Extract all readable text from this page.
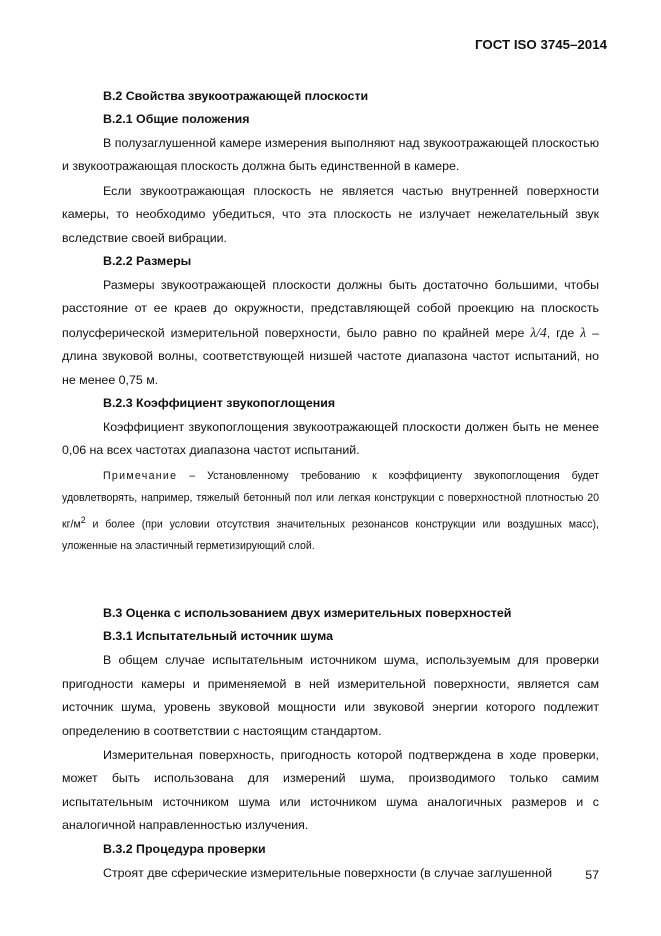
ГОСТ ISO 3745–2014
B.2 Свойства звукоотражающей плоскости
B.2.1 Общие положения

В полузаглушенной камере измерения выполняют над звукоотражающей плоскостью и звукоотражающая плоскость должна быть единственной в камере.

Если звукоотражающая плоскость не является частью внутренней поверхности камеры, то необходимо убедиться, что эта плоскость не излучает нежелательный звук вследствие своей вибрации.

B.2.2 Размеры

Размеры звукоотражающей плоскости должны быть достаточно большими, чтобы расстояние от ее краев до окружности, представляющей собой проекцию на плоскость полусферической измерительной поверхности, было равно по крайней мере λ/4, где λ – длина звуковой волны, соответствующей низшей частоте диапазона частот испытаний, но не менее 0,75 м.

B.2.3 Коэффициент звукопоглощения

Коэффициент звукопоглощения звукоотражающей плоскости должен быть не менее 0,06 на всех частотах диапазона частот испытаний.

Примечание – Установленному требованию к коэффициенту звукопоглощения будет удовлетворять, например, тяжелый бетонный пол или легкая конструкции с поверхностной плотностью 20 $кг/м^2$ и более (при условии отсутствия значительных резонансов конструкции или воздушных масс), уложенные на эластичный герметизирующий слой.

B.3 Оценка с использованием двух измерительных поверхностей
B.3.1 Испытательный источник шума

В общем случае испытательным источником шума, используемым для проверки пригодности камеры и применяемой в ней измерительной поверхности, является сам источник шума, уровень звуковой мощности или звуковой энергии которого подлежит определению в соответствии с настоящим стандартом.

Измерительная поверхность, пригодность которой подтверждена в ходе проверки, может быть использована для измерений шума, производимого только самим испытательным источником шума или источником шума аналогичных размеров и с аналогичной направленностью излучения.

B.3.2 Процедура проверки

Строят две сферические измерительные поверхности (в случае заглушенной	57
